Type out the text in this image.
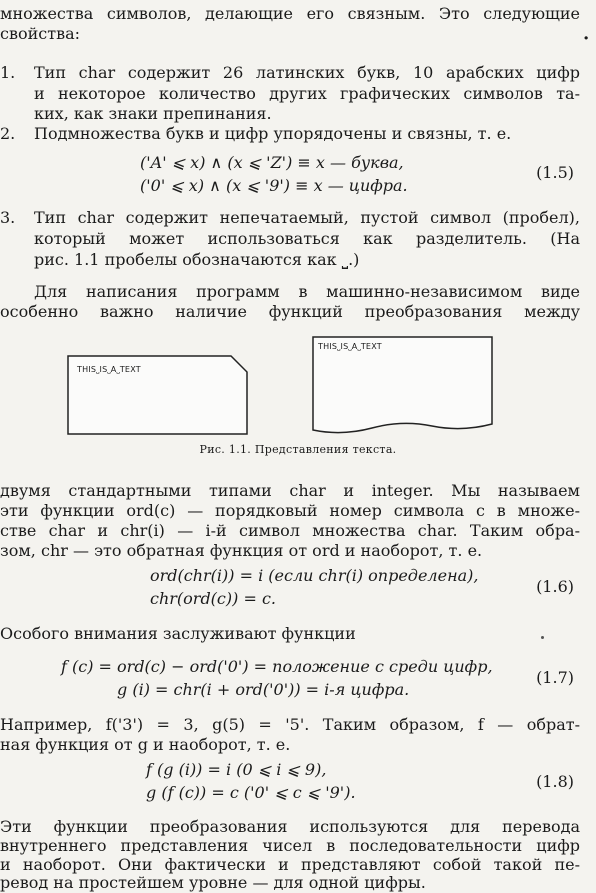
множества символов, делающие его связным. Это следующие
свойства:	·
1. Тип char содержит 26 латинских букв, 10 арабских цифр
и некоторое количество других графических символов та-
ких, как знаки препинания.
2. Подмножества букв и цифр упорядочены и связны, т. е.
('A' ⩽ x) ∧ (x ⩽ 'Z') ≡ x — буква,
('0' ⩽ x) ∧ (x ⩽ '9') ≡ x — цифра.
(1.5)
3. Тип char содержит непечатаемый, пустой символ (пробел),
который может использоваться как разделитель. (На
рис. 1.1 пробелы обозначаются как ⎵.)
Для написания программ в машинно-независимом виде
особенно важно наличие функций преобразования между
THIS⎵IS⎵A⎵TEXT
THIS⎵IS⎵A⎵TEXT
Рис. 1.1. Представления текста.
двумя стандартными типами char и integer. Мы называем
эти функции ord(c) — порядковый номер символа c в множе-
стве char и chr(i) — i-й символ множества char. Таким обра-
зом, chr — это обратная функция от ord и наоборот, т. е.
ord(chr(i)) = i (если chr(i) определена),
chr(ord(c)) = c.
(1.6)
Особого внимания заслуживают функции
f (c) = ord(c) − ord('0') = положение c среди цифр,
g (i) = chr(i + ord('0')) = i-я цифра.
(1.7)
Например, f('3') = 3, g(5) = '5'. Таким образом, f — обрат-
ная функция от g и наоборот, т. е.
f (g (i)) = i (0 ⩽ i ⩽ 9),
g (f (c)) = c ('0' ⩽ c ⩽ '9').
(1.8)
Эти функции преобразования используются для перевода
внутреннего представления чисел в последовательности цифр
и наоборот. Они фактически и представляют собой такой пе-
ревод на простейшем уровне — для одной цифры.
